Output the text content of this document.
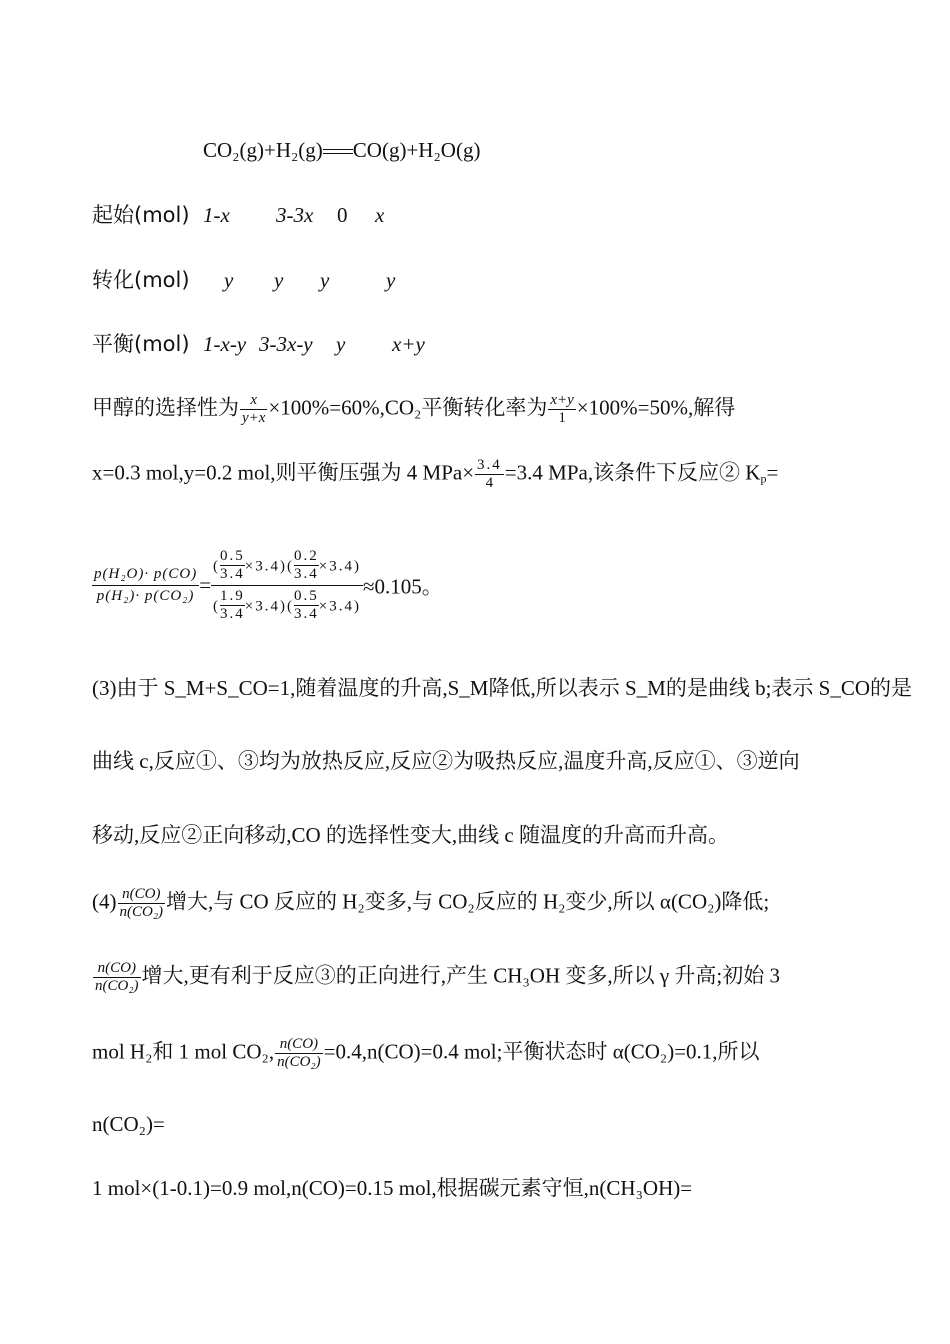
CO₂(g)+H₂(g) CO(g)+H₂O(g)
起始(mol) 1-x 3-3x 0 x
转化(mol) y y y	y
平衡(mol) 1-x-y 3-3x-y y x+y
甲醇的选择性为 $\frac{x}{y+x} \times 100\%=60\%,CO_2$平衡转化率为 $\frac{x+y}{1} \times 100\%=50\%$,解得
x=0.3 mol,y=0.2 mol,则平衡压强为 4 $MPa\times \frac{3.4}{4} =3.4$ MPa,该条件下反应② $K_p=$
$\frac{\text{p(H₂O)· p(CO)}}{\text{p(H₂)· p(CO₂)}} = \frac{( \frac{0.5}{3.4} \times 3.4)( \frac{0.2}{3.4} \times 3.4)}{( \frac{1.9}{3.4} \times 3.4)( \frac{0.5}{3.4} \times 3.4)} \approx 0.105$。
(3)由于 S_M+S_CO=1,随着温度的升高,S_M降低,所以表示 S_M的是曲线 b;表示 S_CO的是
曲线 c,反应①、③均为放热反应,反应②为吸热反应,温度升高,反应①、③逆向
移动,反应②正向移动,CO 的选择性变大,曲线 c 随温度的升高而升高。
$(4) \frac{n(CO)}{\text{n(CO₂)}}$ 增大,与 CO 反应的 H₂变多,与 CO₂反应的 H₂变少,所以 α(CO₂)降低;
$\frac{n(CO)}{\text{n(CO₂)}}$ 增大,更有利于反应③的正向进行,产生 CH₃OH 变多,所以 γ 升高;初始 3
mol H₂和 1 mol CO₂, $\frac{n(CO)}{\text{n(CO₂)}} =0.4,n(CO)=0.4$ mol;平衡状态时 α(CO₂)=0.1,所以
n(CO₂)=
1 mol×(1-0.1)=0.9 mol,n(CO)=0.15 mol,根据碳元素守恒,n(CH₃OH)=
